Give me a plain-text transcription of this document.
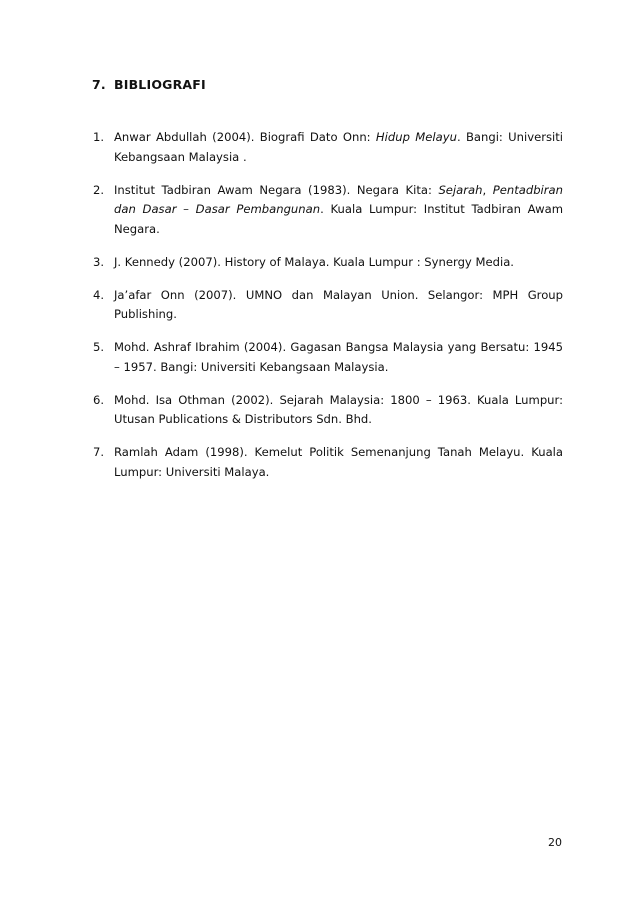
7. BIBLIOGRAFI
1. Anwar Abdullah (2004). Biografi Dato Onn: Hidup Melayu. Bangi: Universiti Kebangsaan Malaysia .
2. Institut Tadbiran Awam Negara (1983). Negara Kita: Sejarah, Pentadbiran dan Dasar – Dasar Pembangunan. Kuala Lumpur: Institut Tadbiran Awam Negara.
3. J. Kennedy (2007). History of Malaya. Kuala Lumpur : Synergy Media.
4. Ja’afar Onn (2007). UMNO dan Malayan Union. Selangor: MPH Group Publishing.
5. Mohd. Ashraf Ibrahim (2004). Gagasan Bangsa Malaysia yang Bersatu: 1945 – 1957. Bangi: Universiti Kebangsaan Malaysia.
6. Mohd. Isa Othman (2002). Sejarah Malaysia: 1800 – 1963. Kuala Lumpur: Utusan Publications & Distributors Sdn. Bhd.
7. Ramlah Adam (1998). Kemelut Politik Semenanjung Tanah Melayu. Kuala Lumpur: Universiti Malaya.
20
